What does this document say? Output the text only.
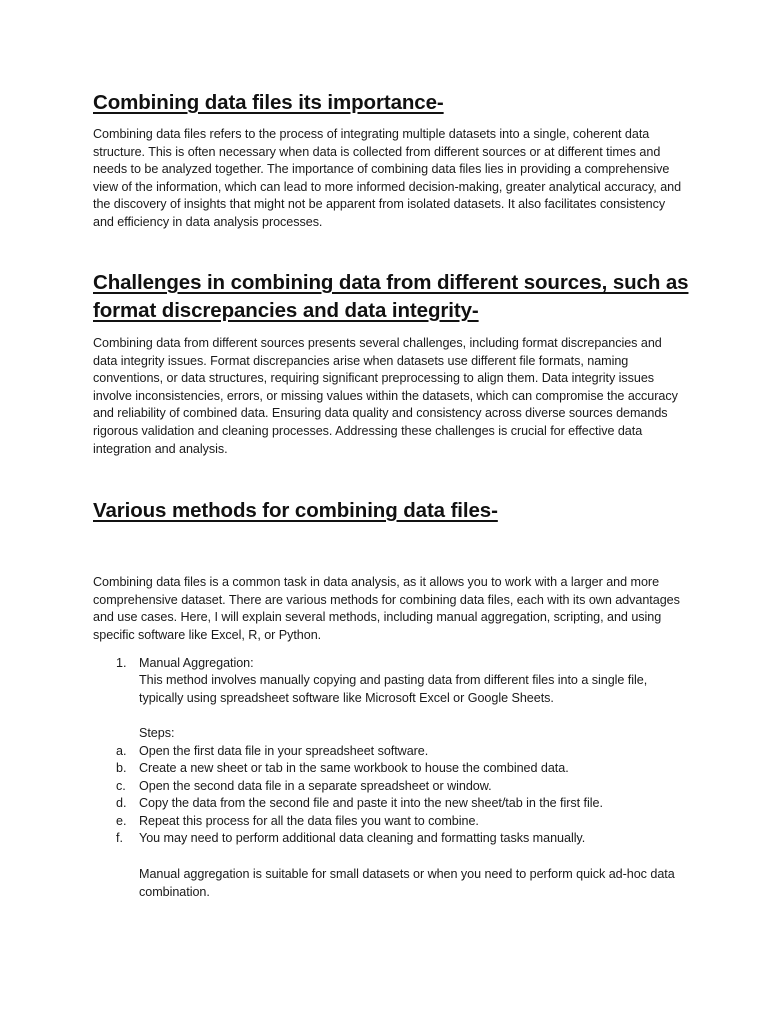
Combining data files its importance-

Combining data files refers to the process of integrating multiple datasets into a single, coherent data structure. This is often necessary when data is collected from different sources or at different times and needs to be analyzed together. The importance of combining data files lies in providing a comprehensive view of the information, which can lead to more informed decision-making, greater analytical accuracy, and the discovery of insights that might not be apparent from isolated datasets. It also facilitates consistency and efficiency in data analysis processes.

Challenges in combining data from different sources, such as format discrepancies and data integrity-

Combining data from different sources presents several challenges, including format discrepancies and data integrity issues. Format discrepancies arise when datasets use different file formats, naming conventions, or data structures, requiring significant preprocessing to align them. Data integrity issues involve inconsistencies, errors, or missing values within the datasets, which can compromise the accuracy and reliability of combined data. Ensuring data quality and consistency across diverse sources demands rigorous validation and cleaning processes. Addressing these challenges is crucial for effective data integration and analysis.

Various methods for combining data files-

Combining data files is a common task in data analysis, as it allows you to work with a larger and more comprehensive dataset. There are various methods for combining data files, each with its own advantages and use cases. Here, I will explain several methods, including manual aggregation, scripting, and using specific software like Excel, R, or Python.

1. Manual Aggregation:

This method involves manually copying and pasting data from different files into a single file, typically using spreadsheet software like Microsoft Excel or Google Sheets.

Steps:

a. Open the first data file in your spreadsheet software.
b. Create a new sheet or tab in the same workbook to house the combined data.
c.	Open the second data file in a separate spreadsheet or window.
d. Copy the data from the second file and paste it into the new sheet/tab in the first file.
e. Repeat this process for all the data files you want to combine.
f.	You may need to perform additional data cleaning and formatting tasks manually.

Manual aggregation is suitable for small datasets or when you need to perform quick ad-hoc data combination.
